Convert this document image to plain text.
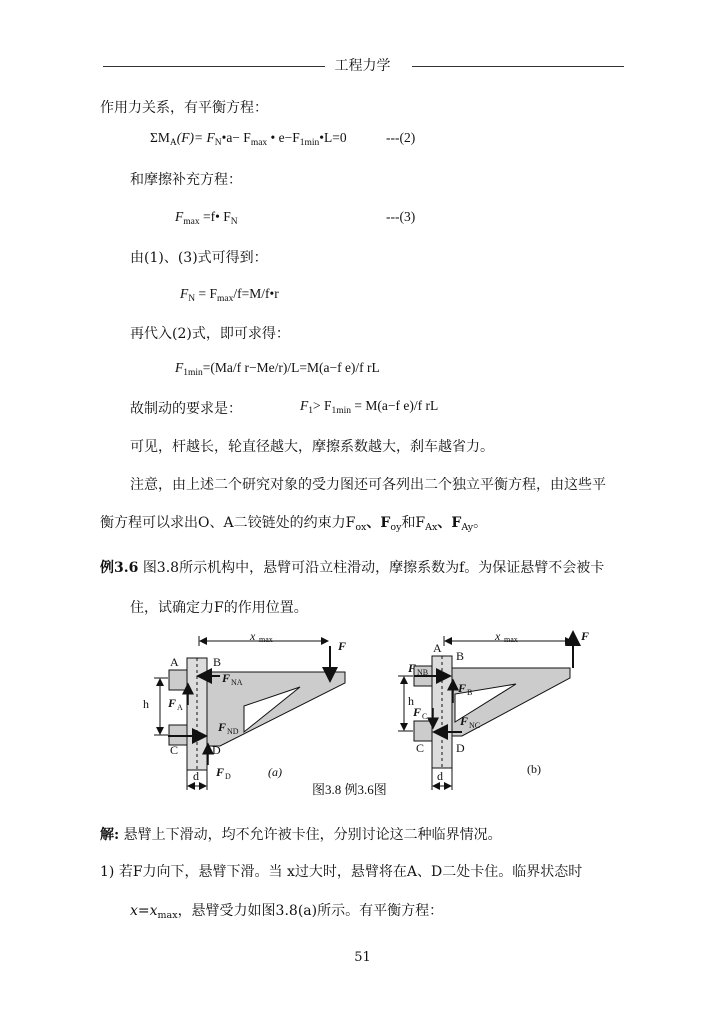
工程力学
作用力关系，有平衡方程：
$\Sigma M_A(F)=$ $F_N•a- F_{max}$ • $e-F_{1min}•L=0$	---(2)
和摩擦补充方程：
$F_{max}$ =f• $F_N$	---(3)
由(1)、(3)式可得到：
$F_N$ = $F_{max}/f=M/f•r$
再代入(2)式，即可求得：
$F_{1min}=(Ma/f$ r−Me/r)/L=M(a−f e)/f rL
故制动的要求是：	$F_1> F_{1min} = M(a-f$ e)/f rL
可见，杆越长，轮直径越大，摩擦系数越大，刹车越省力。
注意，由上述二个研究对象的受力图还可各列出二个独立平衡方程，由这些平
衡方程可以求出O、A二铰链处的约束力$F_{ox}$、$F_{oy}$和$F_{Ax}$、$F_{Ay}$。
例3.6 图3.8所示机构中，悬臂可沿立柱滑动，摩擦系数为f。为保证悬臂不会被卡
住，试确定力F的作用位置。
x max	F
A	B
C	D
F NA
F A
F ND
F D
h
d	(a)
x max	F
A
B
C	D
F NB
F B
F C	F NC
h
d	(b)
图3.8 例3.6图
解: 悬臂上下滑动，均不允许被卡住，分别讨论这二种临界情况。
1) 若F力向下，悬臂下滑。当 x过大时，悬臂将在A、D二处卡住。临界状态时
$x=x_{max}$，悬臂受力如图3.8(a)所示。有平衡方程：
51
